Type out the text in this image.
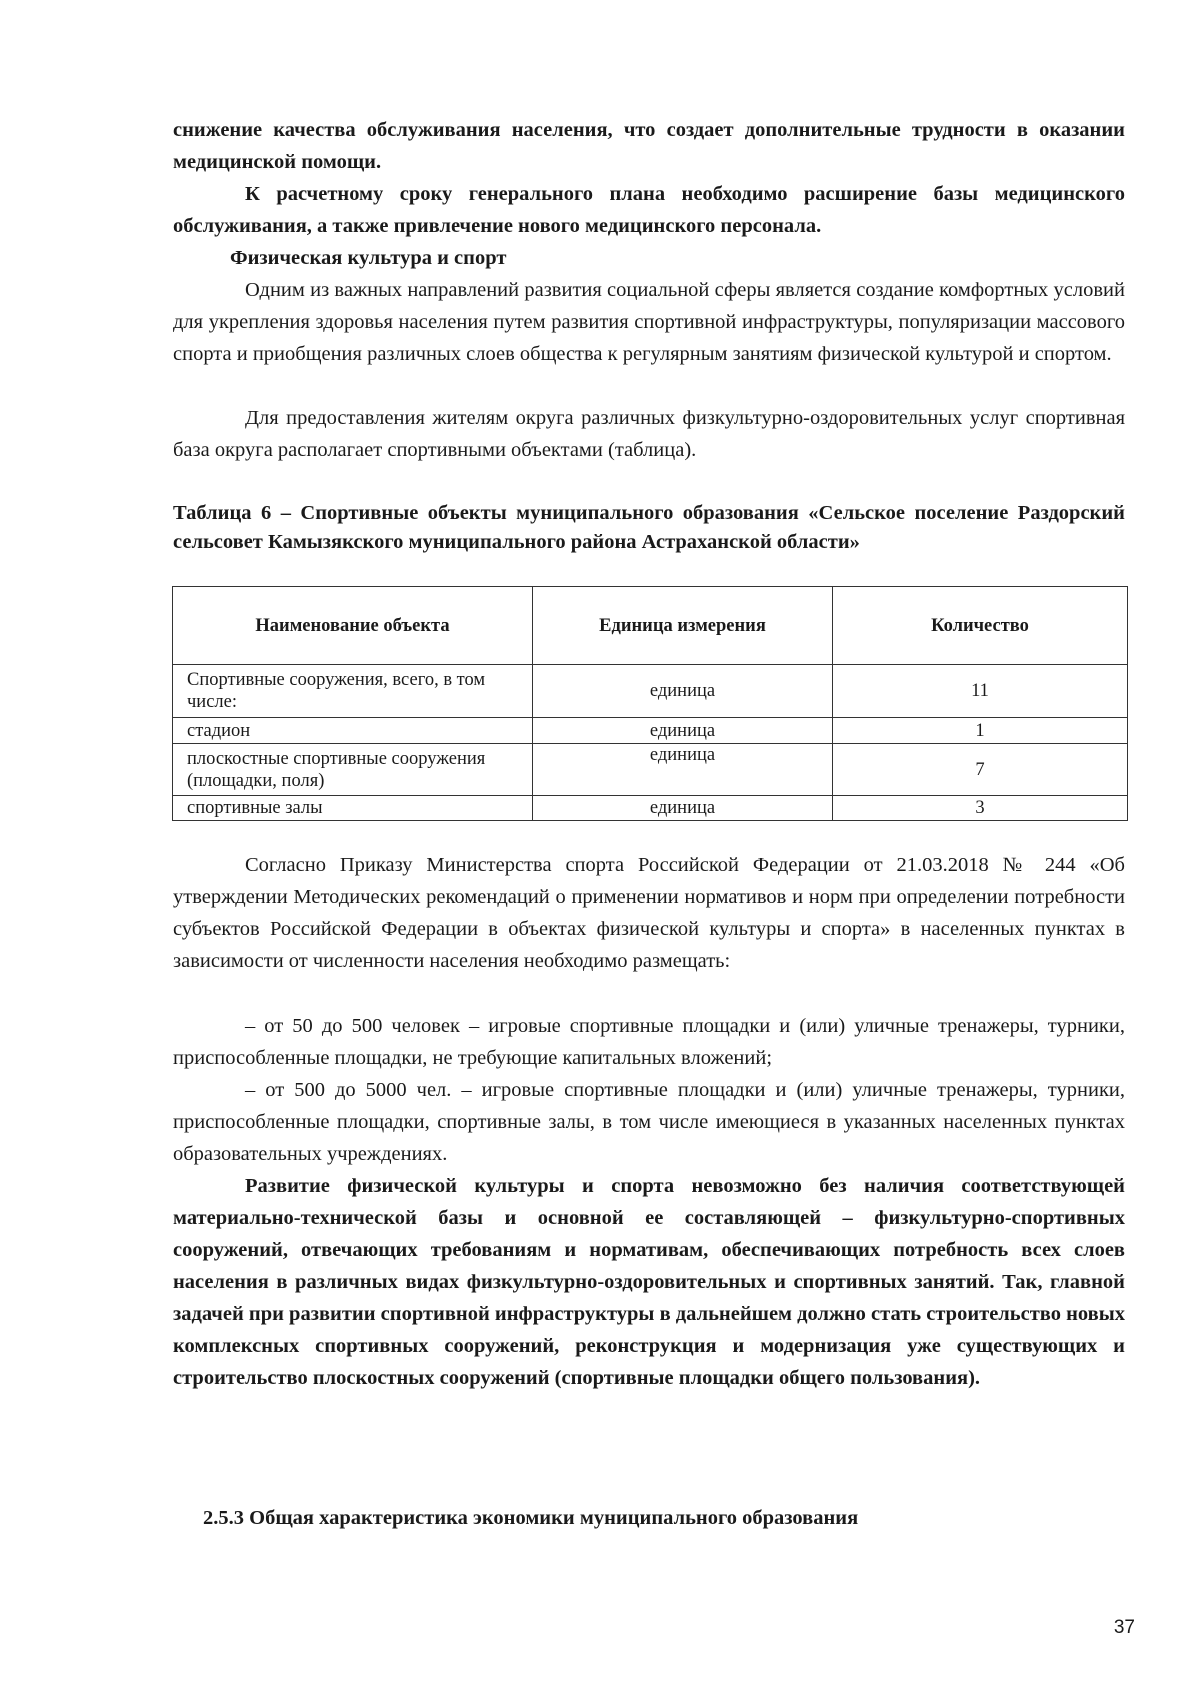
снижение качества обслуживания населения, что создает дополнительные трудности в оказании медицинской помощи.
К расчетному сроку генерального плана необходимо расширение базы медицинского обслуживания, а также привлечение нового медицинского персонала.
Физическая культура и спорт
Одним из важных направлений развития социальной сферы является создание комфортных условий для укрепления здоровья населения путем развития спортивной инфраструктуры, популяризации массового спорта и приобщения различных слоев общества к регулярным занятиям физической культурой и спортом.
Для предоставления жителям округа различных физкультурно-оздоровительных услуг спортивная база округа располагает спортивными объектами (таблица).
Таблица 6 – Спортивные объекты муниципального образования «Сельское поселение Раздорский сельсовет Камызякского муниципального района Астраханской области»
Наименование объекта	Единица измерения	Количество
Спортивные сооружения, всего, в том числе:	единица	11
стадион	единица	1
плоскостные спортивные сооружения (площадки, поля)	единица	7
спортивные залы	единица	3
Согласно Приказу Министерства спорта Российской Федерации от 21.03.2018 № 244 «Об утверждении Методических рекомендаций о применении нормативов и норм при определении потребности субъектов Российской Федерации в объектах физической культуры и спорта» в населенных пунктах в зависимости от численности населения необходимо размещать:
– от 50 до 500 человек – игровые спортивные площадки и (или) уличные тренажеры, турники, приспособленные площадки, не требующие капитальных вложений;
– от 500 до 5000 чел. – игровые спортивные площадки и (или) уличные тренажеры, турники, приспособленные площадки, спортивные залы, в том числе имеющиеся в указанных населенных пунктах образовательных учреждениях.
Развитие физической культуры и спорта невозможно без наличия соответствующей материально-технической базы и основной ее составляющей – физкультурно-спортивных сооружений, отвечающих требованиям и нормативам, обеспечивающих потребность всех слоев населения в различных видах физкультурно-оздоровительных и спортивных занятий. Так, главной задачей при развитии спортивной инфраструктуры в дальнейшем должно стать строительство новых комплексных спортивных сооружений, реконструкция и модернизация уже существующих и строительство плоскостных сооружений (спортивные площадки общего пользования).
2.5.3 Общая характеристика экономики муниципального образования
37
